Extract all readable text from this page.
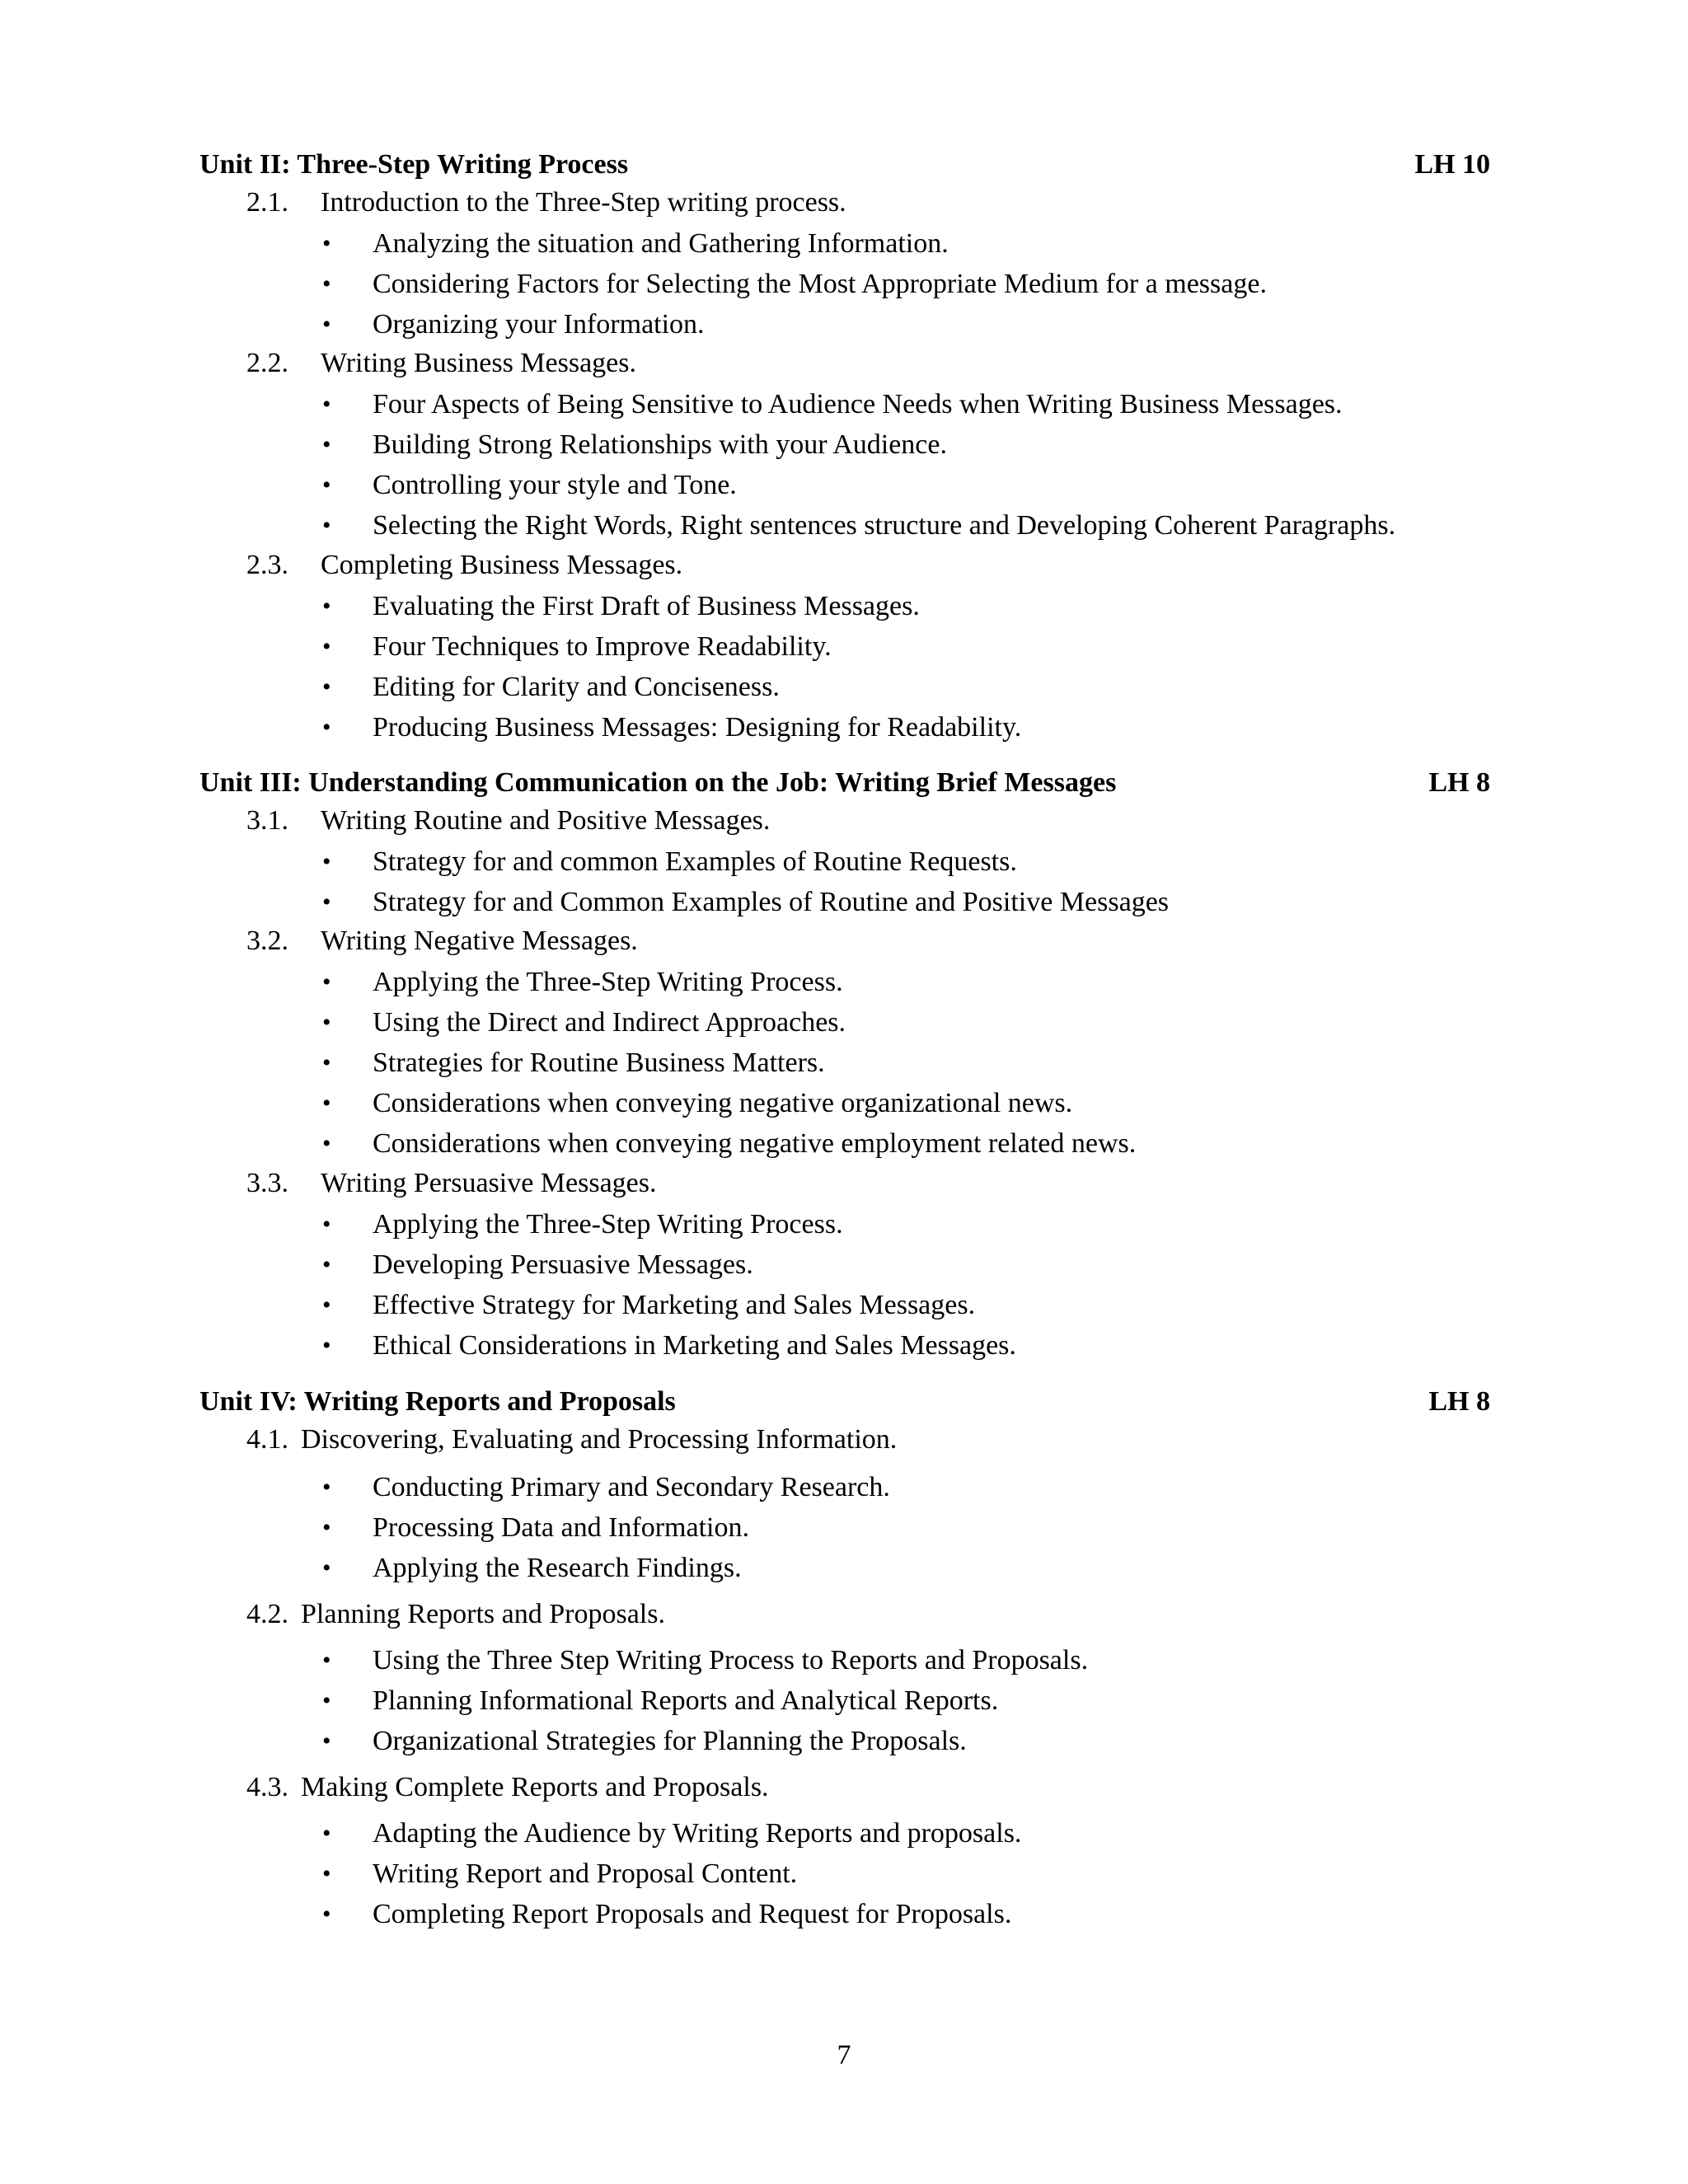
Unit II: Three-Step Writing Process	LH 10
2.1. Introduction to the Three-Step writing process.
• Analyzing the situation and Gathering Information.
• Considering Factors for Selecting the Most Appropriate Medium for a message.
• Organizing your Information.
2.2. Writing Business Messages.
• Four Aspects of Being Sensitive to Audience Needs when Writing Business Messages.
• Building Strong Relationships with your Audience.
• Controlling your style and Tone.
• Selecting the Right Words, Right sentences structure and Developing Coherent Paragraphs.
2.3. Completing Business Messages.
• Evaluating the First Draft of Business Messages.
• Four Techniques to Improve Readability.
• Editing for Clarity and Conciseness.
• Producing Business Messages: Designing for Readability.
Unit III: Understanding Communication on the Job: Writing Brief Messages	LH 8
3.1. Writing Routine and Positive Messages.
• Strategy for and common Examples of Routine Requests.
• Strategy for and Common Examples of Routine and Positive Messages
3.2. Writing Negative Messages.
• Applying the Three-Step Writing Process.
• Using the Direct and Indirect Approaches.
• Strategies for Routine Business Matters.
• Considerations when conveying negative organizational news.
• Considerations when conveying negative employment related news.
3.3. Writing Persuasive Messages.
• Applying the Three-Step Writing Process.
• Developing Persuasive Messages.
• Effective Strategy for Marketing and Sales Messages.
• Ethical Considerations in Marketing and Sales Messages.
Unit IV: Writing Reports and Proposals	LH 8
4.1. Discovering, Evaluating and Processing Information.
• Conducting Primary and Secondary Research.
• Processing Data and Information.
• Applying the Research Findings.
4.2. Planning Reports and Proposals.
• Using the Three Step Writing Process to Reports and Proposals.
• Planning Informational Reports and Analytical Reports.
• Organizational Strategies for Planning the Proposals.
4.3. Making Complete Reports and Proposals.
• Adapting the Audience by Writing Reports and proposals.
• Writing Report and Proposal Content.
• Completing Report Proposals and Request for Proposals.
7
